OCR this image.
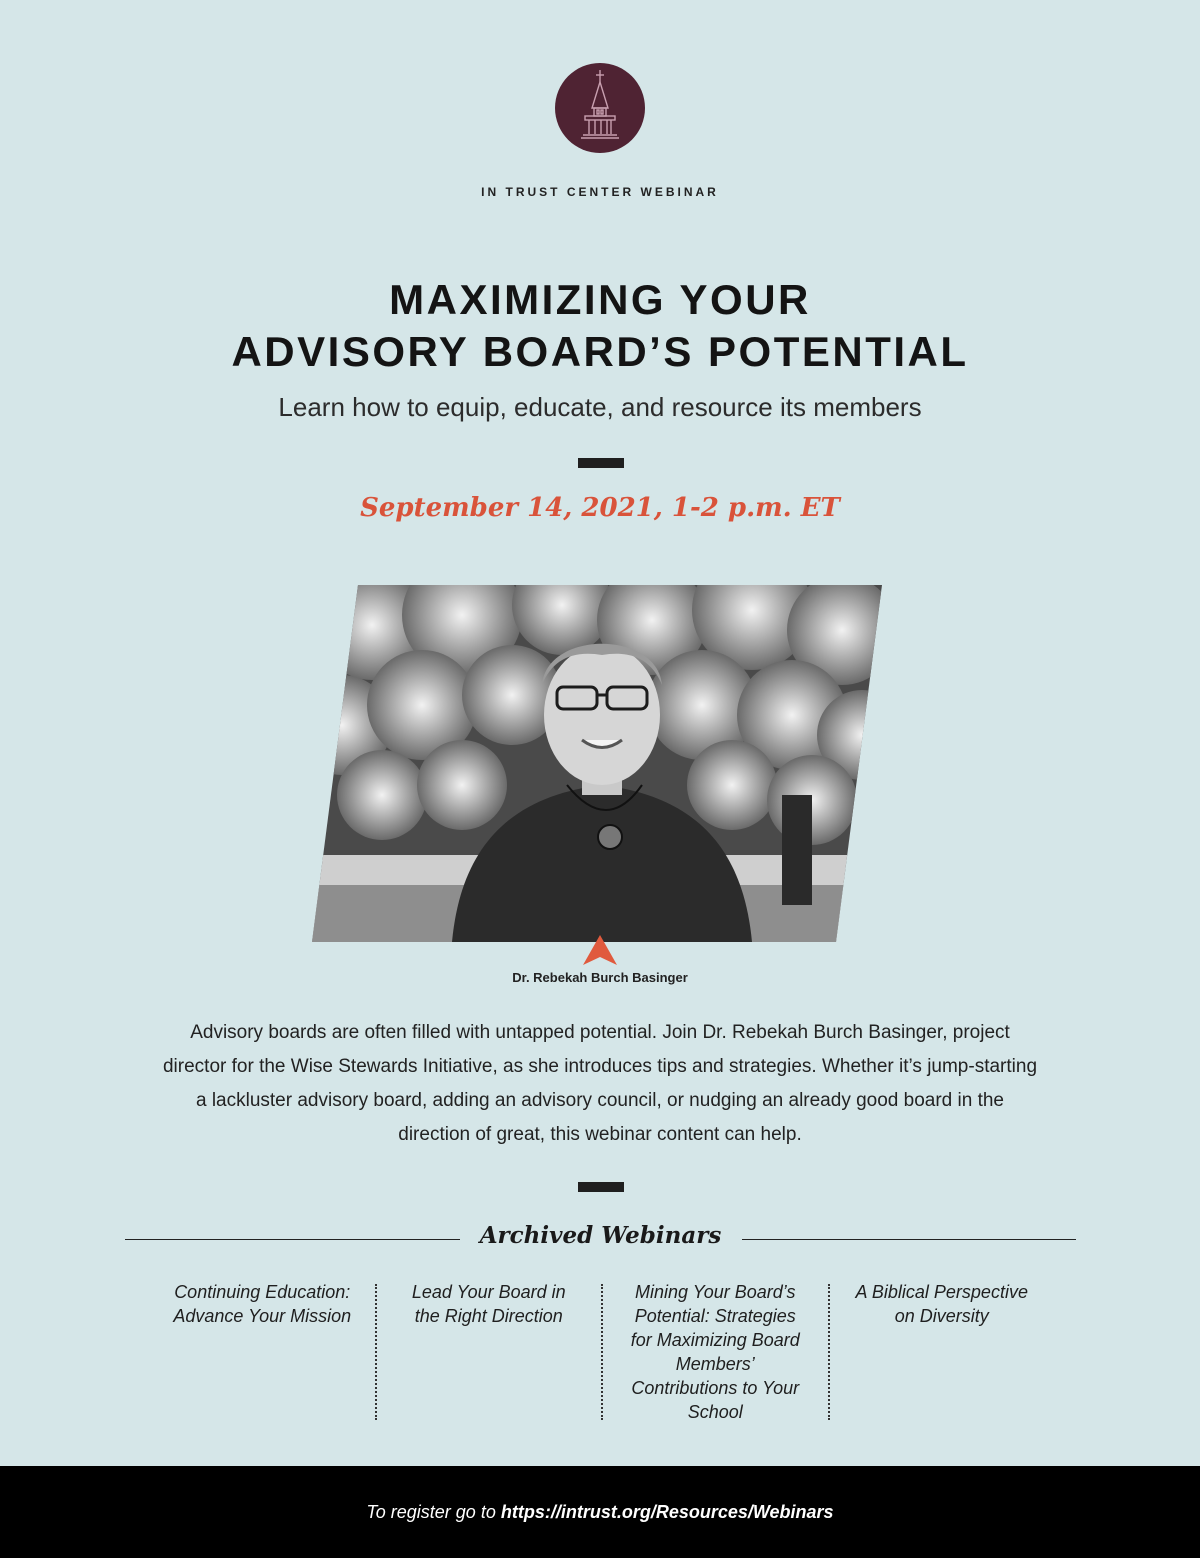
IN TRUST CENTER WEBINAR
MAXIMIZING YOUR
ADVISORY BOARD’S POTENTIAL

Learn how to equip, educate, and resource its members

September 14, 2021, 1-2 p.m. ET
Dr. Rebekah Burch Basinger

Advisory boards are often filled with untapped potential. Join Dr. Rebekah Burch Basinger, project director for the Wise Stewards Initiative, as she introduces tips and strategies. Whether it’s jump-starting a lackluster advisory board, adding an advisory council, or nudging an already good board in the direction of great, this webinar content can help.

Archived Webinars
Continuing Education: Advance Your Mission
Lead Your Board in the Right Direction
Mining Your Board’s Potential: Strategies for Maximizing Board Members’ Contributions to Your School
A Biblical Perspective on Diversity
To register go to https://intrust.org/Resources/Webinars
